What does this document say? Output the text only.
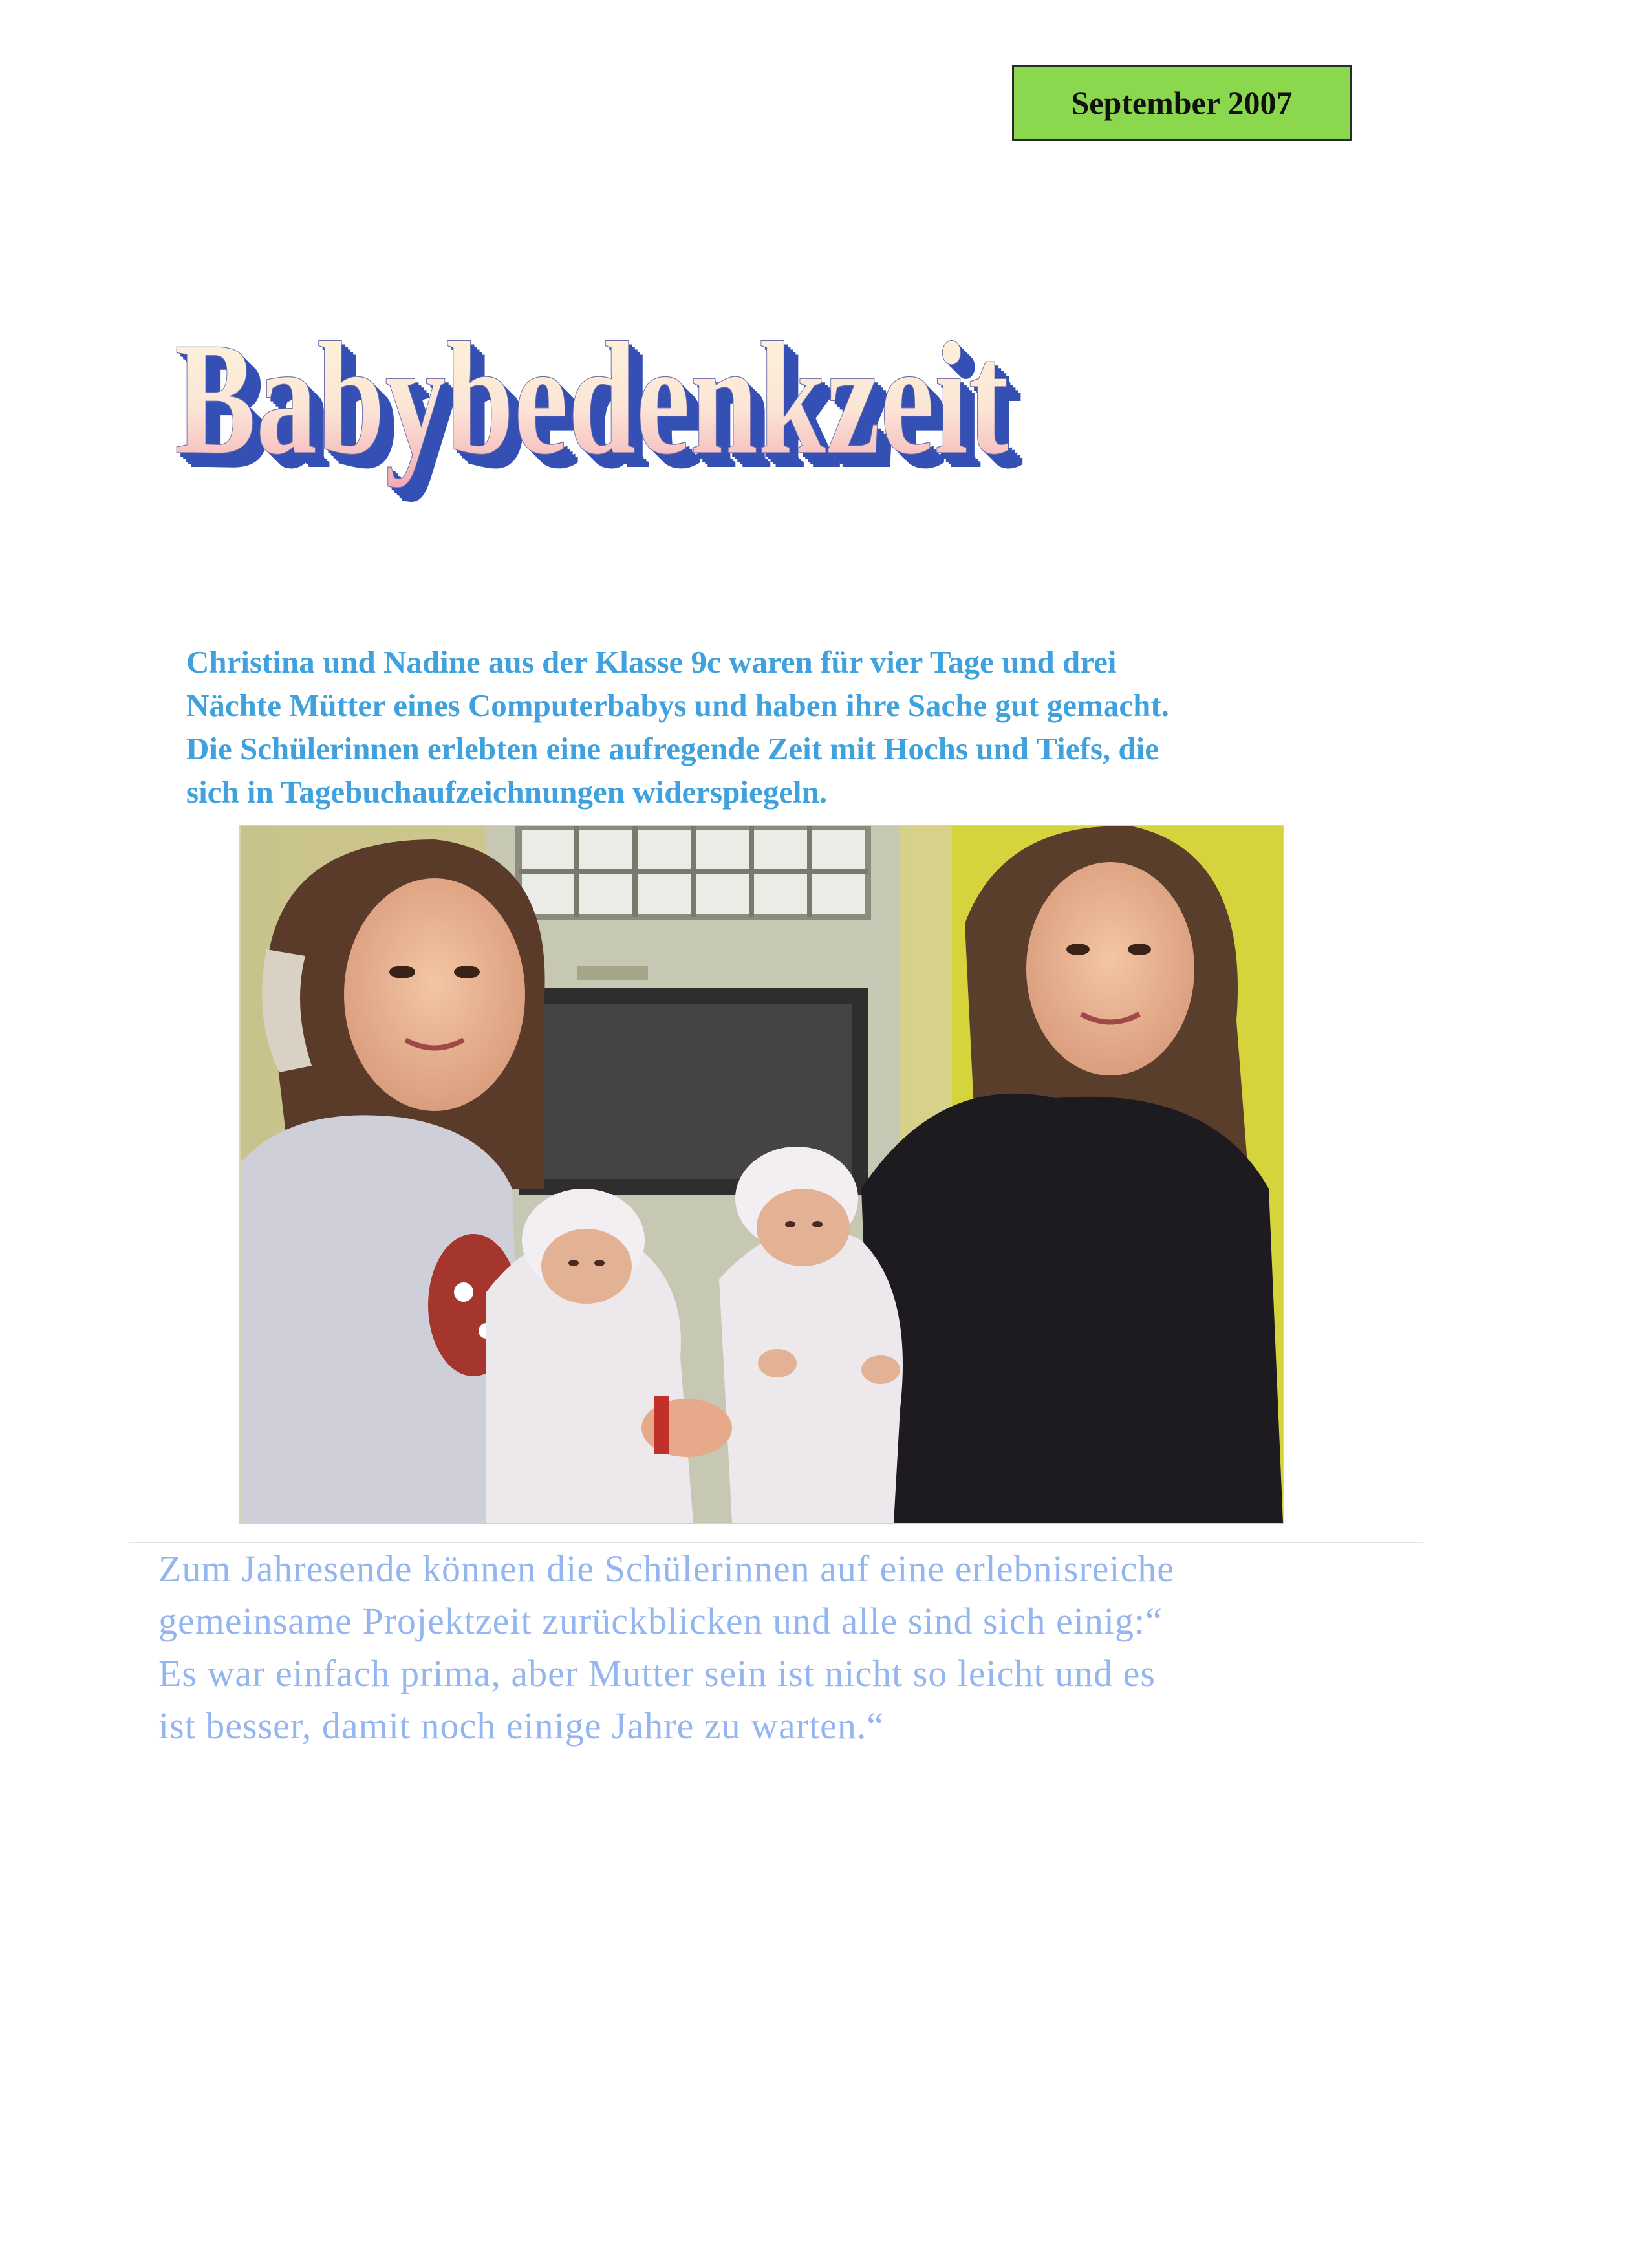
September 2007
Babybedenkzeit
Babybedenkzeit
Babybedenkzeit
Babybedenkzeit
Babybedenkzeit
Babybedenkzeit
Christina und Nadine aus der Klasse 9c waren für vier Tage und drei
Nächte Mütter eines Computerbabys und haben ihre Sache gut gemacht.
Die Schülerinnen erlebten eine aufregende Zeit mit Hochs und Tiefs, die
sich in Tagebuchaufzeichnungen widerspiegeln.
Zum Jahresende können die Schülerinnen auf eine erlebnisreiche
gemeinsame Projektzeit zurückblicken und alle sind sich einig:“
Es war einfach prima, aber Mutter sein ist nicht so leicht und es
ist besser, damit noch einige Jahre zu warten.“
